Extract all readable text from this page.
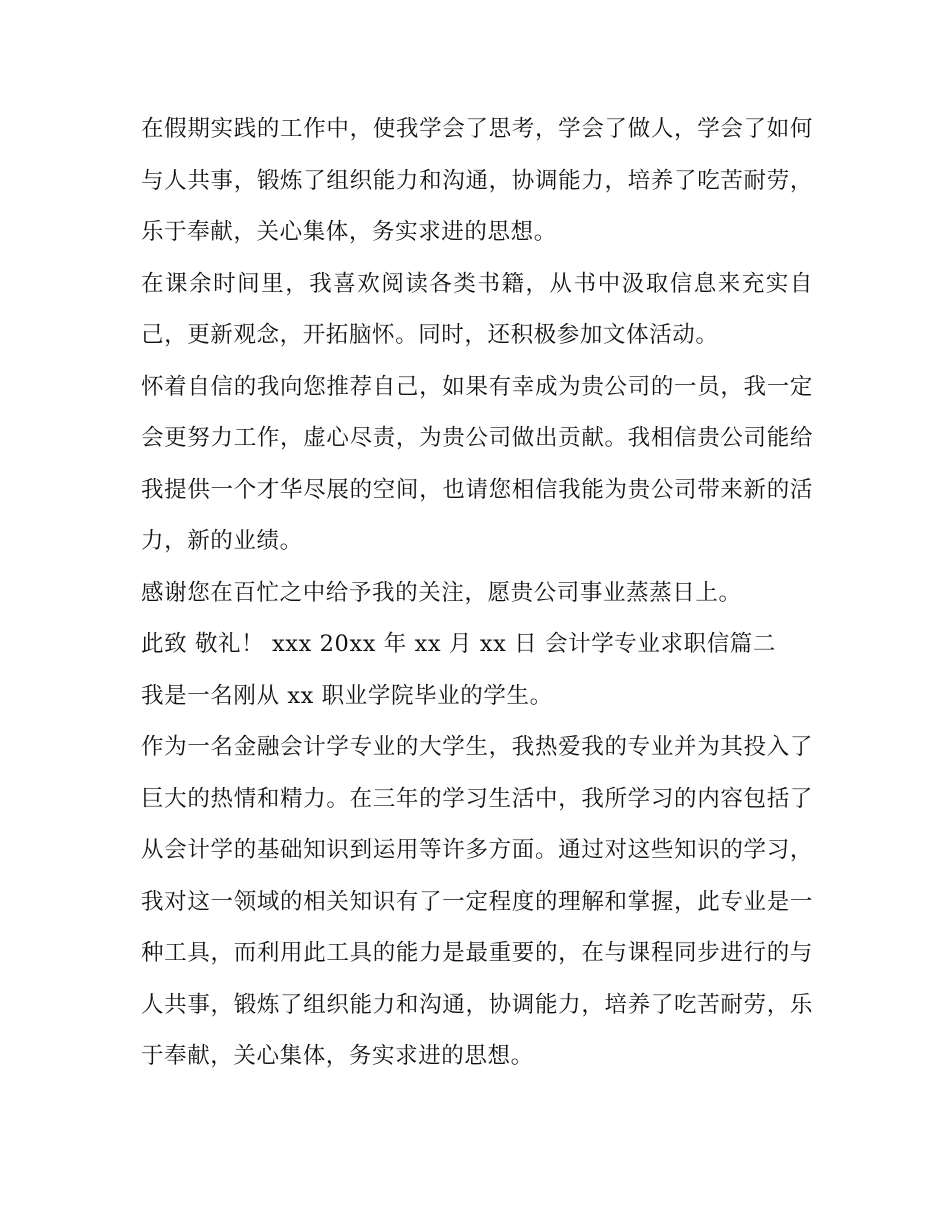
在假期实践的工作中，使我学会了思考，学会了做人，学会了如何与人共事，锻炼了组织能力和沟通，协调能力，培养了吃苦耐劳，乐于奉献，关心集体，务实求进的思想。

在课余时间里，我喜欢阅读各类书籍，从书中汲取信息来充实自己，更新观念，开拓脑怀。同时，还积极参加文体活动。

怀着自信的我向您推荐自己，如果有幸成为贵公司的一员，我一定会更努力工作，虚心尽责，为贵公司做出贡献。我相信贵公司能给我提供一个才华尽展的空间，也请您相信我能为贵公司带来新的活力，新的业绩。

感谢您在百忙之中给予我的关注，愿贵公司事业蒸蒸日上。

此致 敬礼！ xxx 20xx 年 xx 月 xx 日 会计学专业求职信篇二

我是一名刚从 xx 职业学院毕业的学生。

作为一名金融会计学专业的大学生，我热爱我的专业并为其投入了巨大的热情和精力。在三年的学习生活中，我所学习的内容包括了从会计学的基础知识到运用等许多方面。通过对这些知识的学习，我对这一领域的相关知识有了一定程度的理解和掌握，此专业是一种工具，而利用此工具的能力是最重要的，在与课程同步进行的与人共事，锻炼了组织能力和沟通，协调能力，培养了吃苦耐劳，乐于奉献，关心集体，务实求进的思想。
